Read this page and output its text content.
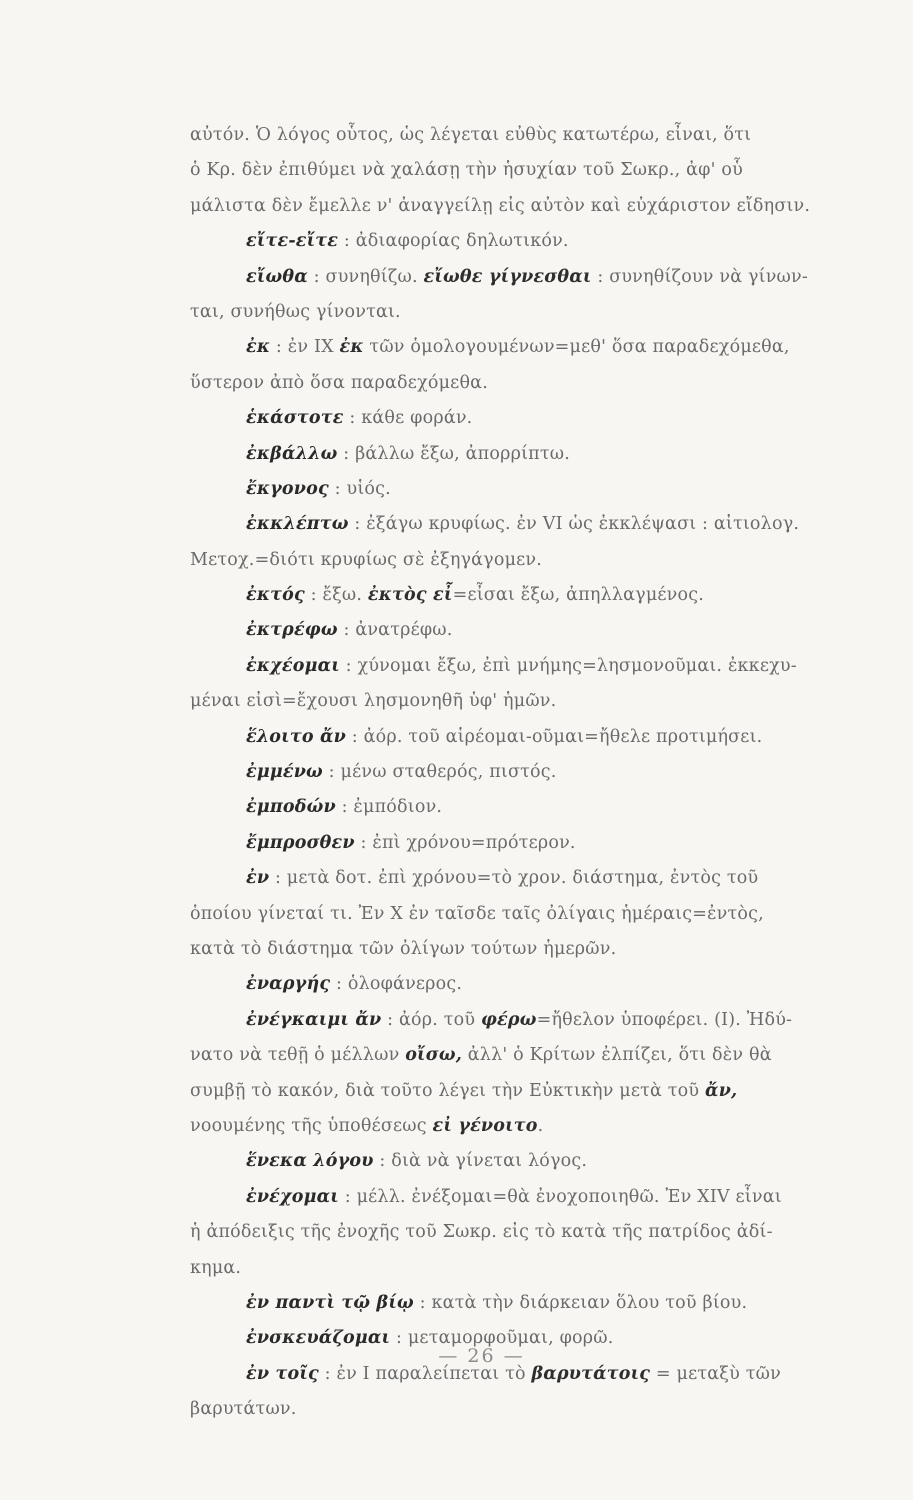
αὐτόν. Ὁ λόγος οὗτος, ὡς λέγεται εὐθὺς κατωτέρω, εἶναι, ὅτι
ὁ Κρ. δὲν ἐπιθύμει νὰ χαλάσῃ τὴν ἡσυχίαν τοῦ Σωκρ., ἀφ' οὗ
μάλιστα δὲν ἔμελλε ν' ἀναγγείλῃ εἰς αὐτὸν καὶ εὐχάριστον εἴδησιν.
εἴτε-εἴτε : ἀδιαφορίας δηλωτικόν.
εἴωθα : συνηθίζω. εἴωθε γίγνεσθαι : συνηθίζουν νὰ γίνων-
ται, συνήθως γίνονται.
ἐκ : ἐν IX ἐκ τῶν ὁμολογουμένων=μεθ' ὅσα παραδεχόμεθα,
ὕστερον ἀπὸ ὅσα παραδεχόμεθα.
ἑκάστοτε : κάθε φοράν.
ἐκβάλλω : βάλλω ἔξω, ἀπορρίπτω.
ἔκγονος : υἱός.
ἐκκλέπτω : ἐξάγω κρυφίως. ἐν VI ὡς ἐκκλέψασι : αἰτιολογ.
Μετοχ.=διότι κρυφίως σὲ ἐξηγάγομεν.
ἐκτός : ἔξω. ἐκτὸς εἶ=εἶσαι ἔξω, ἀπηλλαγμένος.
ἐκτρέφω : ἀνατρέφω.
ἐκχέομαι : χύνομαι ἔξω, ἐπὶ μνήμης=λησμονοῦμαι. ἐκκεχυ-
μέναι εἰσὶ=ἔχουσι λησμονηθῆ ὑφ' ἡμῶν.
ἕλοιτο ἄν : ἀόρ. τοῦ αἱρέομαι-οῦμαι=ἤθελε προτιμήσει.
ἐμμένω : μένω σταθερός, πιστός.
ἐμποδών : ἐμπόδιον.
ἔμπροσθεν : ἐπὶ χρόνου=πρότερον.
ἐν : μετὰ δοτ. ἐπὶ χρόνου=τὸ χρον. διάστημα, ἐντὸς τοῦ
ὁποίου γίνεταί τι. Ἐν X ἐν ταῖσδε ταῖς ὀλίγαις ἡμέραις=ἐντὸς,
κατὰ τὸ διάστημα τῶν ὀλίγων τούτων ἡμερῶν.
ἐναργής : ὁλοφάνερος.
ἐνέγκαιμι ἄν : ἀόρ. τοῦ φέρω=ἤθελον ὑποφέρει. (I). Ἠδύ-
νατο νὰ τεθῇ ὁ μέλλων οἴσω, ἀλλ' ὁ Κρίτων ἐλπίζει, ὅτι δὲν θὰ
συμβῇ τὸ κακόν, διὰ τοῦτο λέγει τὴν Εὐκτικὴν μετὰ τοῦ ἄν,
νοουμένης τῆς ὑποθέσεως εἰ γένοιτο.
ἕνεκα λόγου : διὰ νὰ γίνεται λόγος.
ἐνέχομαι : μέλλ. ἐνέξομαι=θὰ ἐνοχοποιηθῶ. Ἐν XIV εἶναι
ἡ ἀπόδειξις τῆς ἐνοχῆς τοῦ Σωκρ. εἰς τὸ κατὰ τῆς πατρίδος ἀδί-
κημα.
ἐν παντὶ τῷ βίῳ : κατὰ τὴν διάρκειαν ὅλου τοῦ βίου.
ἐνσκευάζομαι : μεταμορφοῦμαι, φορῶ.
ἐν τοῖς : ἐν I παραλείπεται τὸ βαρυτάτοις = μεταξὺ τῶν
βαρυτάτων.
— 26 —
